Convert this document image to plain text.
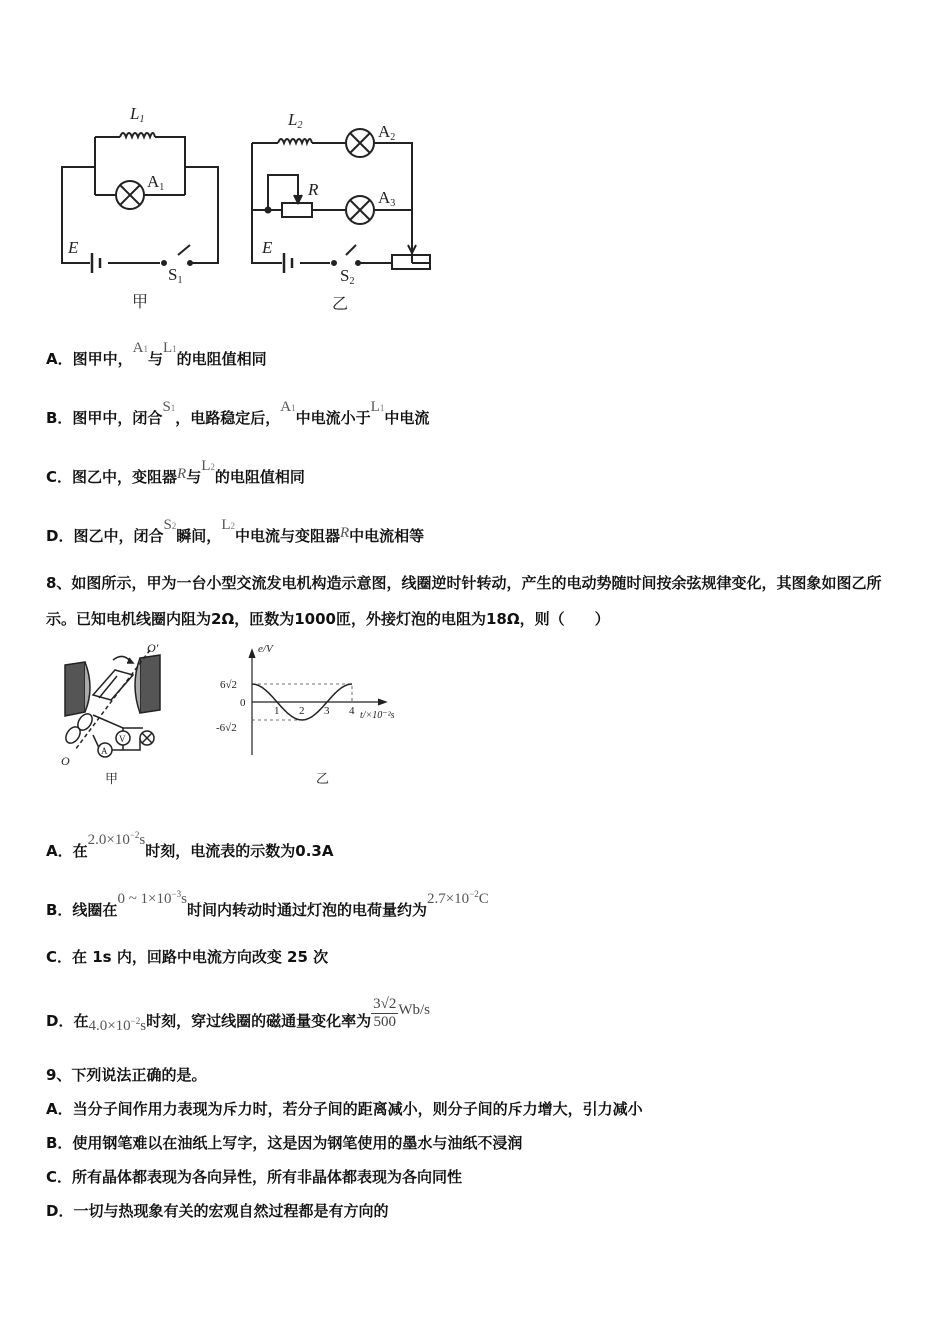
L1
A1
E
S1
甲
L2	A2
R	A3
E
S2
乙
A．图甲中，A1与L1的电阻值相同
B．图甲中，闭合S1，电路稳定后，A1中电流小于L1中电流
C．图乙中，变阻器R与L2的电阻值相同
D．图乙中，闭合S2瞬间，L2中电流与变阻器R中电流相等
8、如图所示，甲为一台小型交流发电机构造示意图，线圈逆时针转动，产生的电动势随时间按余弦规律变化，其图象如图乙所示。已知电机线圈内阻为2Ω，匝数为1000匝，外接灯泡的电阻为18Ω，则（　　）
O′
O
A
V
甲
e/V
t/×10⁻²s
6√2
0
-6√2
1 2 3 4
乙
A．在$2.0\times 10^{-2}s$时刻，电流表的示数为0.3A
B．线圈在0 ~ $1\times 10^{-3}s$时间内转动时通过灯泡的电荷量约为$2.7\times 10^{-2}C$
C．在 1s 内，回路中电流方向改变 25 次
D．在$4.0\times 10^{-2}s$时刻，穿过线圈的磁通量变化率为 $\frac{3√2}{500} Wb/s$
9、下列说法正确的是。
A．当分子间作用力表现为斥力时，若分子间的距离减小，则分子间的斥力增大，引力减小
B．使用钢笔难以在油纸上写字，这是因为钢笔使用的墨水与油纸不浸润
C．所有晶体都表现为各向异性，所有非晶体都表现为各向同性
D．一切与热现象有关的宏观自然过程都是有方向的
